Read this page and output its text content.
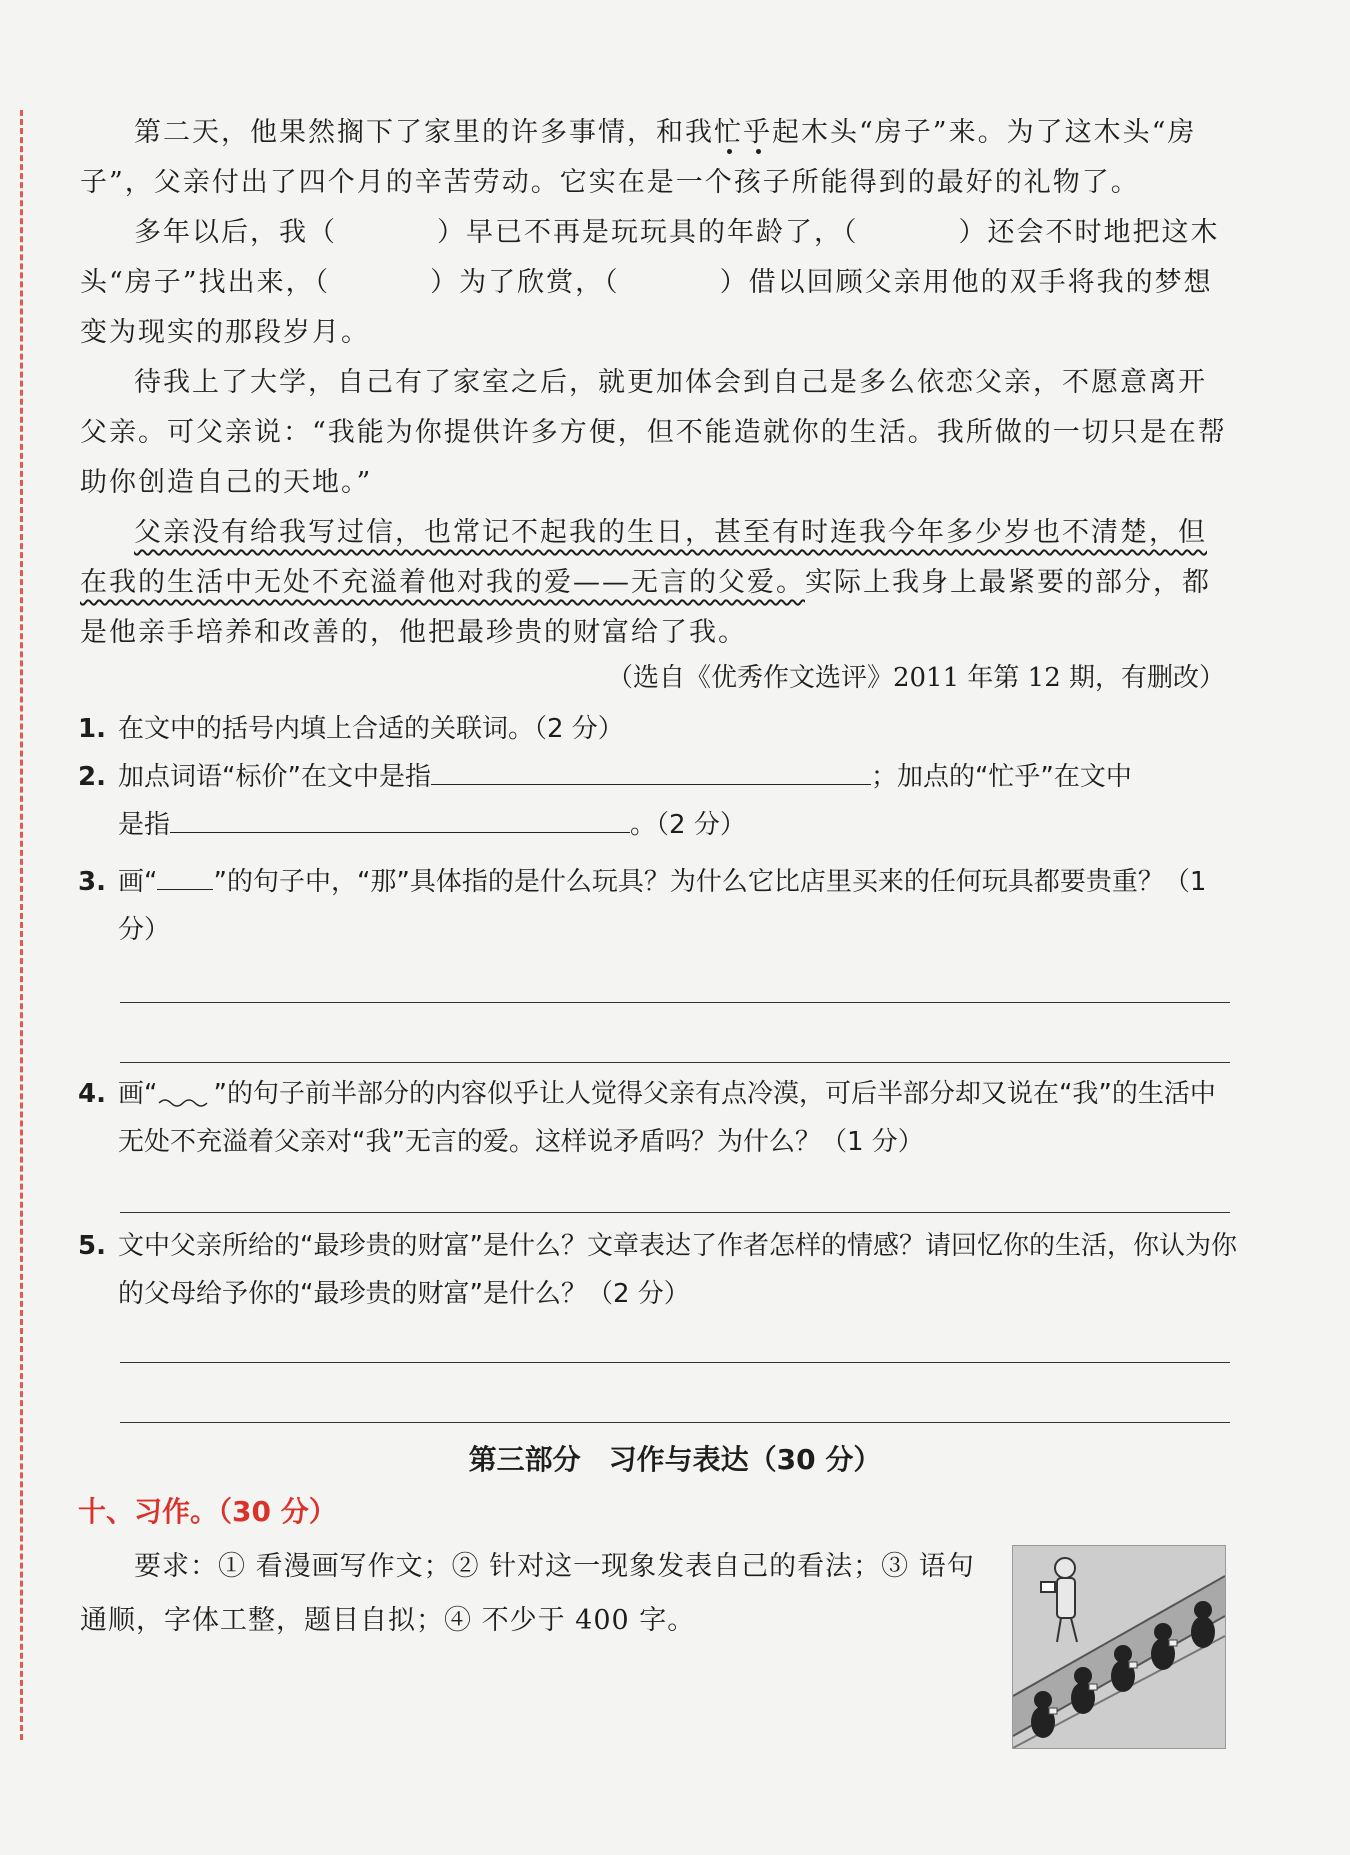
第二天，他果然搁下了家里的许多事情，和我忙乎起木头“房子”来。为了这木头“房子”，父亲付出了四个月的辛苦劳动。它实在是一个孩子所能得到的最好的礼物了。

多年以后，我（	）早已不再是玩玩具的年龄了，（	）还会不时地把这木头“房子”找出来，（	）为了欣赏，（	）借以回顾父亲用他的双手将我的梦想变为现实的那段岁月。

待我上了大学，自己有了家室之后，就更加体会到自己是多么依恋父亲，不愿意离开父亲。可父亲说：“我能为你提供许多方便，但不能造就你的生活。我所做的一切只是在帮助你创造自己的天地。”

父亲没有给我写过信，也常记不起我的生日，甚至有时连我今年多少岁也不清楚，但在我的生活中无处不充溢着他对我的爱——无言的父爱。实际上我身上最紧要的部分，都是他亲手培养和改善的，他把最珍贵的财富给了我。

（选自《优秀作文选评》2011 年第 12 期，有删改）
1. 在文中的括号内填上合适的关联词。（2 分）
2. 加点词语“标价”在文中是指	；加点的“忙乎”在文中
是指	。（2 分）
3. 画“ ”的句子中，“那”具体指的是什么玩具？为什么它比店里买来的任何玩具都要贵重？（1 分）
4. 画“ ”的句子前半部分的内容似乎让人觉得父亲有点冷漠，可后半部分却又说在“我”的生活中无处不充溢着父亲对“我”无言的爱。这样说矛盾吗？为什么？（1 分）
5. 文中父亲所给的“最珍贵的财富”是什么？文章表达了作者怎样的情感？请回忆你的生活，你认为你的父母给予你的“最珍贵的财富”是什么？（2 分）
第三部分　习作与表达（30 分）
十、习作。（30 分）

要求：① 看漫画写作文；② 针对这一现象发表自己的看法；③ 语句通顺，字体工整，题目自拟；④ 不少于 400 字。
